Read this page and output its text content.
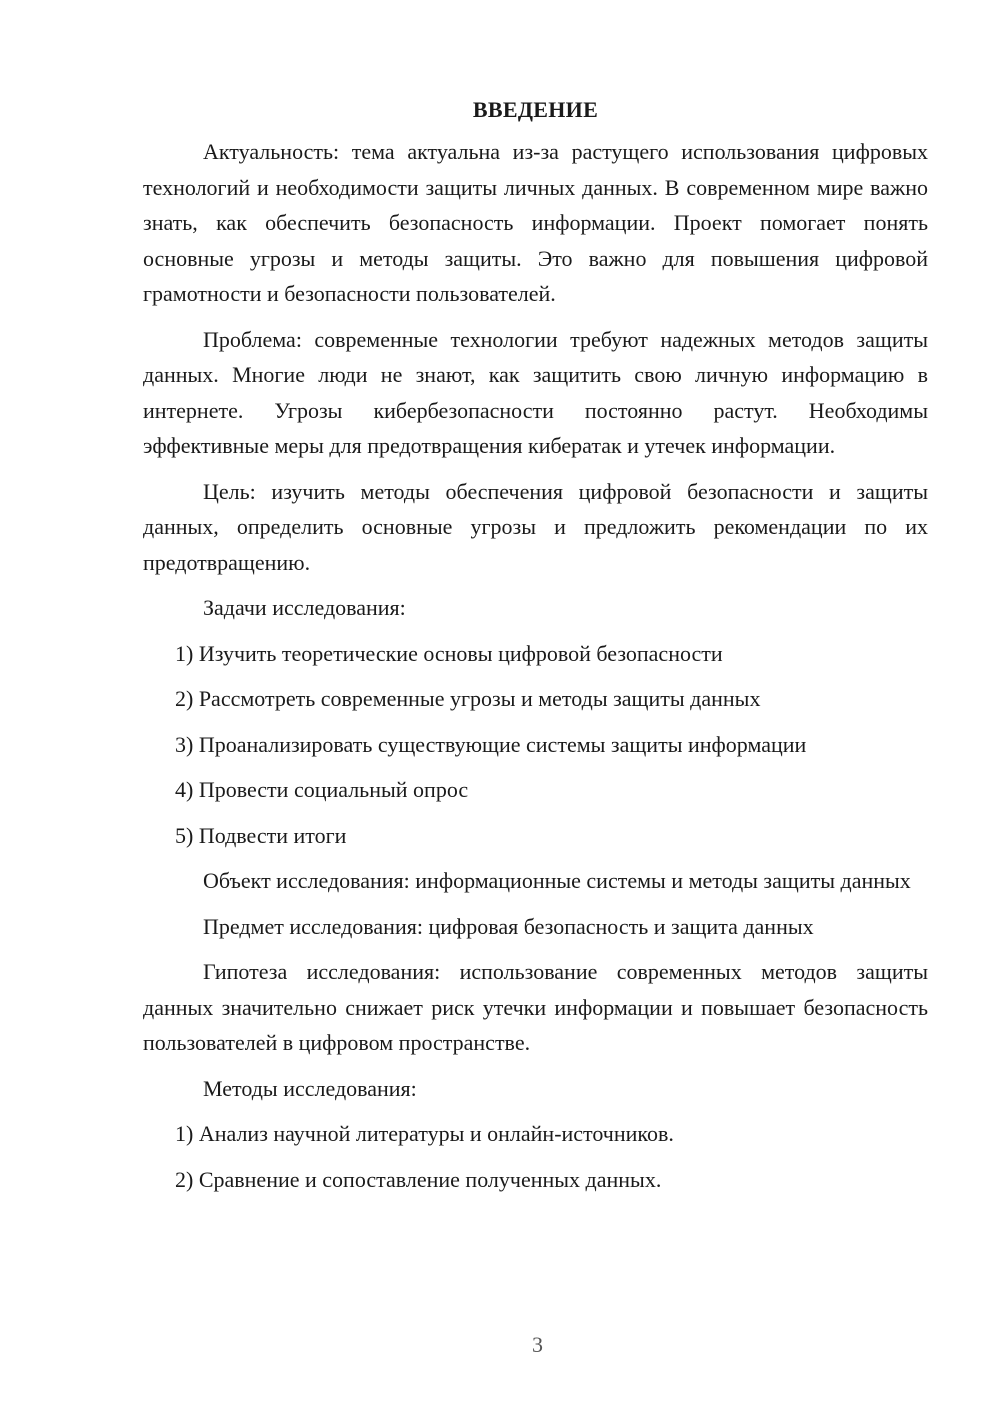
ВВЕДЕНИЕ

Актуальность: тема актуальна из-за растущего использования цифровых технологий и необходимости защиты личных данных. В современном мире важно знать, как обеспечить безопасность информации. Проект помогает понять основные угрозы и методы защиты. Это важно для повышения цифровой грамотности и безопасности пользователей.

Проблема: современные технологии требуют надежных методов защиты данных. Многие люди не знают, как защитить свою личную информацию в интернете. Угрозы кибербезопасности постоянно растут. Необходимы эффективные меры для предотвращения кибератак и утечек информации.

Цель: изучить методы обеспечения цифровой безопасности и защиты данных, определить основные угрозы и предложить рекомендации по их предотвращению.

Задачи исследования:

1) Изучить теоретические основы цифровой безопасности
2) Рассмотреть современные угрозы и методы защиты данных
3) Проанализировать существующие системы защиты информации
4) Провести социальный опрос
5) Подвести итоги

Объект исследования: информационные системы и методы защиты данных

Предмет исследования: цифровая безопасность и защита данных

Гипотеза исследования: использование современных методов защиты данных значительно снижает риск утечки информации и повышает безопасность пользователей в цифровом пространстве.

Методы исследования:

1) Анализ научной литературы и онлайн-источников.
2) Сравнение и сопоставление полученных данных.
3
